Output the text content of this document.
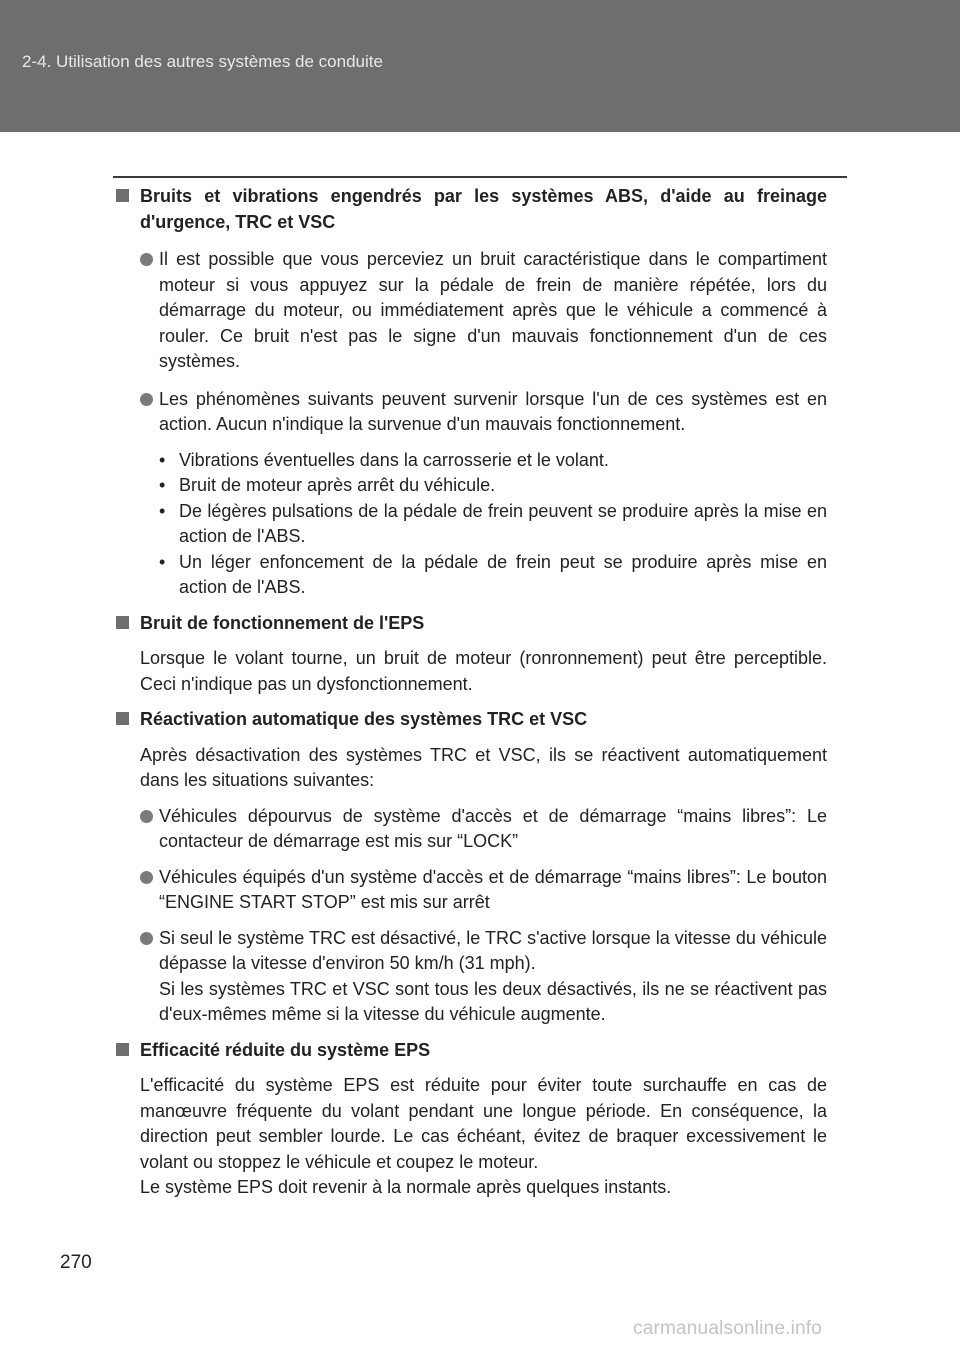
2-4. Utilisation des autres systèmes de conduite
Bruits et vibrations engendrés par les systèmes ABS, d'aide au freinage d'urgence, TRC et VSC
Il est possible que vous perceviez un bruit caractéristique dans le compartiment moteur si vous appuyez sur la pédale de frein de manière répétée, lors du démarrage du moteur, ou immédiatement après que le véhicule a commencé à rouler. Ce bruit n'est pas le signe d'un mauvais fonctionnement d'un de ces systèmes.
Les phénomènes suivants peuvent survenir lorsque l'un de ces systèmes est en action. Aucun n'indique la survenue d'un mauvais fonctionnement.
• Vibrations éventuelles dans la carrosserie et le volant.
• Bruit de moteur après arrêt du véhicule.
• De légères pulsations de la pédale de frein peuvent se produire après la mise en action de l'ABS.
• Un léger enfoncement de la pédale de frein peut se produire après mise en action de l'ABS.
Bruit de fonctionnement de l'EPS
Lorsque le volant tourne, un bruit de moteur (ronronnement) peut être perceptible. Ceci n'indique pas un dysfonctionnement.
Réactivation automatique des systèmes TRC et VSC
Après désactivation des systèmes TRC et VSC, ils se réactivent automatiquement dans les situations suivantes:
Véhicules dépourvus de système d'accès et de démarrage “mains libres”: Le contacteur de démarrage est mis sur “LOCK”
Véhicules équipés d'un système d'accès et de démarrage “mains libres”: Le bouton “ENGINE START STOP” est mis sur arrêt
Si seul le système TRC est désactivé, le TRC s'active lorsque la vitesse du véhicule dépasse la vitesse d'environ 50 km/h (31 mph).
Si les systèmes TRC et VSC sont tous les deux désactivés, ils ne se réactivent pas d'eux-mêmes même si la vitesse du véhicule augmente.
Efficacité réduite du système EPS
L'efficacité du système EPS est réduite pour éviter toute surchauffe en cas de manœuvre fréquente du volant pendant une longue période. En conséquence, la direction peut sembler lourde. Le cas échéant, évitez de braquer excessivement le volant ou stoppez le véhicule et coupez le moteur.
Le système EPS doit revenir à la normale après quelques instants.
270
carmanualsonline.info
